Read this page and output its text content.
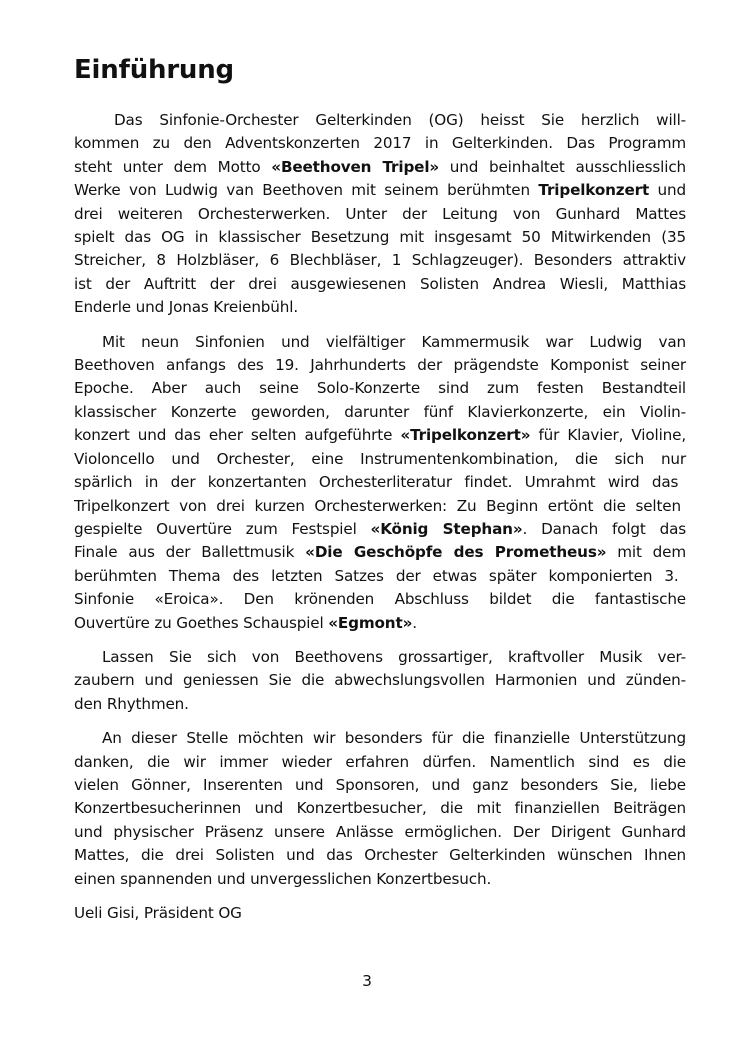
Einführung

Das Sinfonie-Orchester Gelterkinden (OG) heisst Sie herzlich will-
kommen zu den Adventskonzerten 2017 in Gelterkinden. Das Programm
steht unter dem Motto «Beethoven Tripel» und beinhaltet ausschliesslich
Werke von Ludwig van Beethoven mit seinem berühmten Tripelkonzert und
drei weiteren Orchesterwerken. Unter der Leitung von Gunhard Mattes
spielt das OG in klassischer Besetzung mit insgesamt 50 Mitwirkenden (35
Streicher, 8 Holzbläser, 6 Blechbläser, 1 Schlagzeuger). Besonders attraktiv
ist der Auftritt der drei ausgewiesenen Solisten Andrea Wiesli, Matthias
Enderle und Jonas Kreienbühl.

Mit neun Sinfonien und vielfältiger Kammermusik war Ludwig van
Beethoven anfangs des 19. Jahrhunderts der prägendste Komponist seiner
Epoche. Aber auch seine Solo-Konzerte sind zum festen Bestandteil
klassischer Konzerte geworden, darunter fünf Klavierkonzerte, ein Violin-
konzert und das eher selten aufgeführte «Tripelkonzert» für Klavier, Violine,
Violoncello und Orchester, eine Instrumentenkombination, die sich nur
spärlich in der konzertanten Orchesterliteratur findet. Umrahmt wird das
Tripelkonzert von drei kurzen Orchesterwerken: Zu Beginn ertönt die selten
gespielte Ouvertüre zum Festspiel «König Stephan». Danach folgt das
Finale aus der Ballettmusik «Die Geschöpfe des Prometheus» mit dem
berühmten Thema des letzten Satzes der etwas später komponierten 3.
Sinfonie «Eroica». Den krönenden Abschluss bildet die fantastische
Ouvertüre zu Goethes Schauspiel «Egmont».

Lassen Sie sich von Beethovens grossartiger, kraftvoller Musik ver-
zaubern und geniessen Sie die abwechslungsvollen Harmonien und zünden-
den Rhythmen.

An dieser Stelle möchten wir besonders für die finanzielle Unterstützung
danken, die wir immer wieder erfahren dürfen. Namentlich sind es die
vielen Gönner, Inserenten und Sponsoren, und ganz besonders Sie, liebe
Konzertbesucherinnen und Konzertbesucher, die mit finanziellen Beiträgen
und physischer Präsenz unsere Anlässe ermöglichen. Der Dirigent Gunhard
Mattes, die drei Solisten und das Orchester Gelterkinden wünschen Ihnen
einen spannenden und unvergesslichen Konzertbesuch.

Ueli Gisi, Präsident OG
3
